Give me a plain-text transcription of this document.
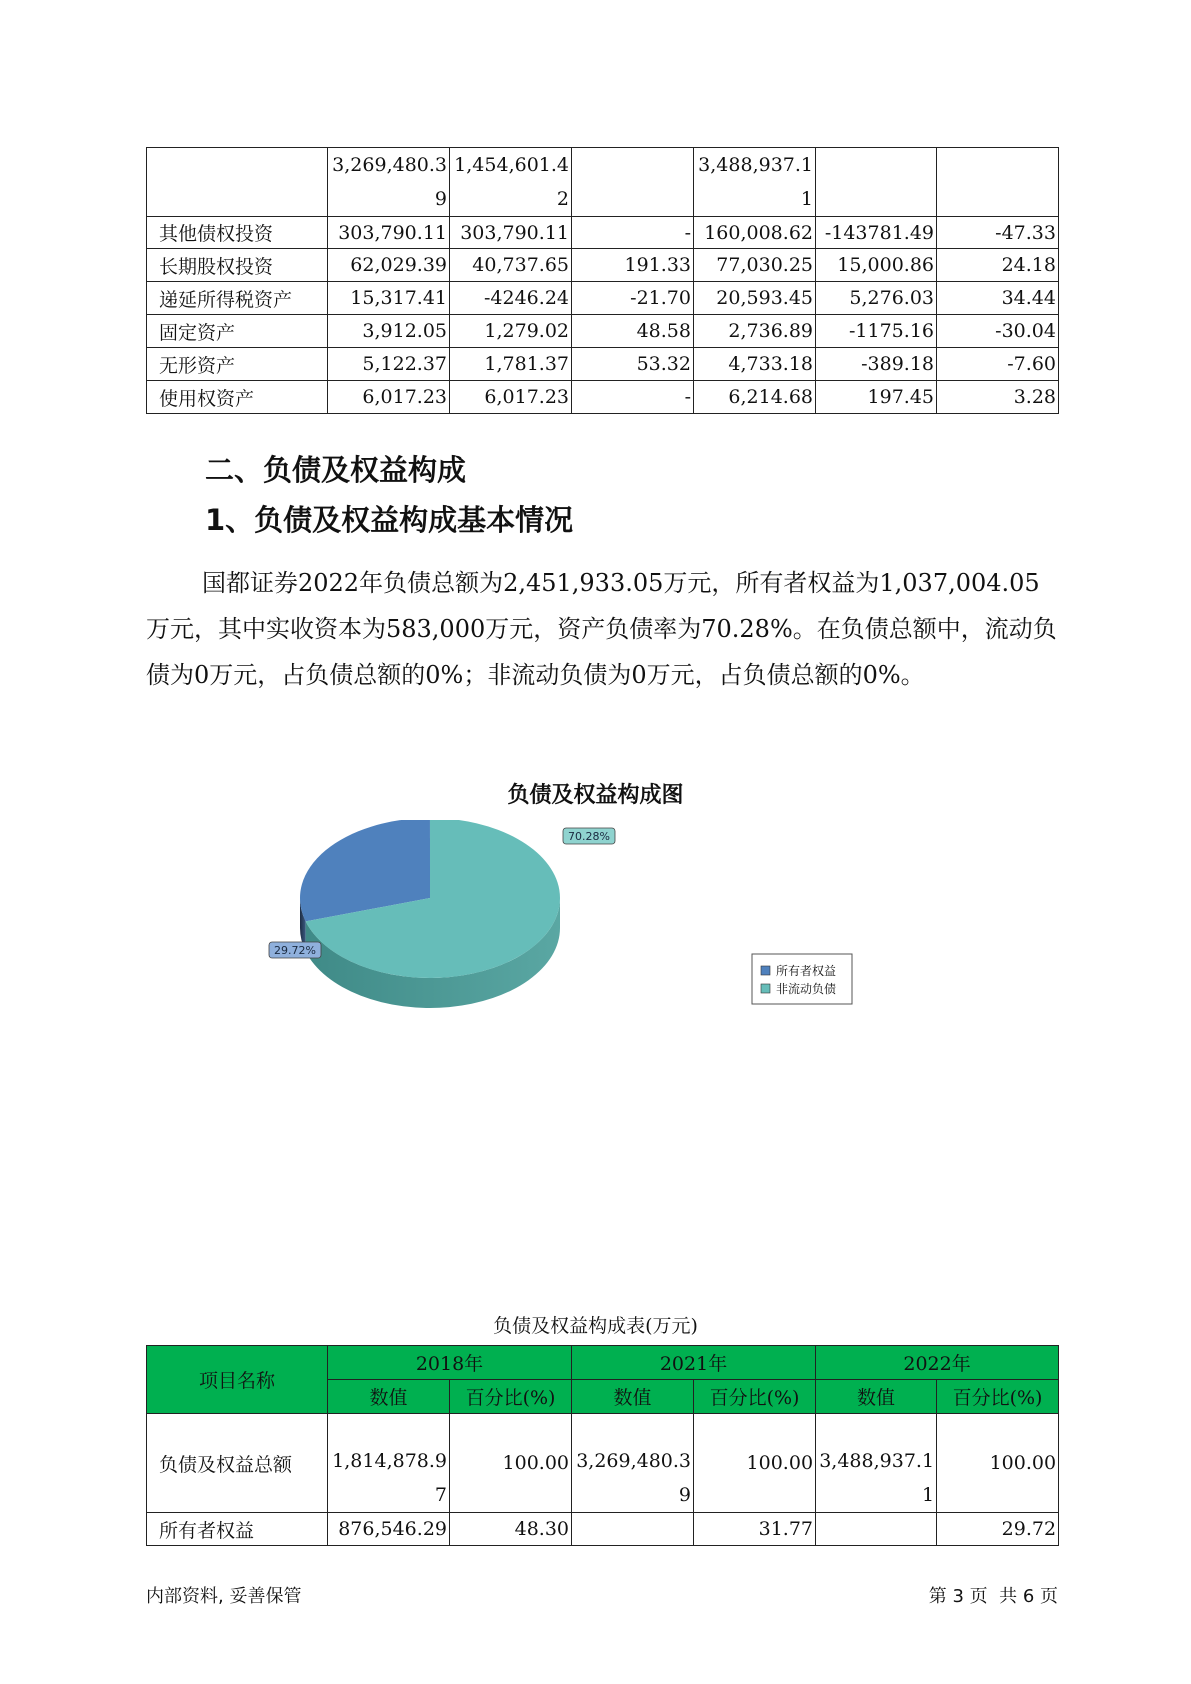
	3,269,480.39	1,454,601.42		3,488,937.11		
其他债权投资	303,790.11	303,790.11	-	160,008.62	-143781.49	-47.33
长期股权投资	62,029.39	40,737.65	191.33	77,030.25	15,000.86	24.18
递延所得税资产	15,317.41	-4246.24	-21.70	20,593.45	5,276.03	34.44
固定资产	3,912.05	1,279.02	48.58	2,736.89	-1175.16	-30.04
无形资产	5,122.37	1,781.37	53.32	4,733.18	-389.18	-7.60
使用权资产	6,017.23	6,017.23	-	6,214.68	197.45	3.28
二、负债及权益构成
1、负债及权益构成基本情况
国都证券2022年负债总额为2,451,933.05万元，所有者权益为1,037,004.05万元，其中实收资本为583,000万元，资产负债率为70.28%。在负债总额中，流动负债为0万元，占负债总额的0%；非流动负债为0万元，占负债总额的0%。
负债及权益构成图
29.72%
70.28%
所有者权益
非流动负债
负债及权益构成表(万元)
项目名称	2018年		2021年		2022年	
	数值	百分比(%)	数值	百分比(%)	数值	百分比(%)
负债及权益总额	1,814,878.97	100.00	3,269,480.39	100.00	3,488,937.11	100.00
所有者权益	876,546.29	48.30		31.77		29.72
内部资料, 妥善保管	第 3 页  共 6 页
